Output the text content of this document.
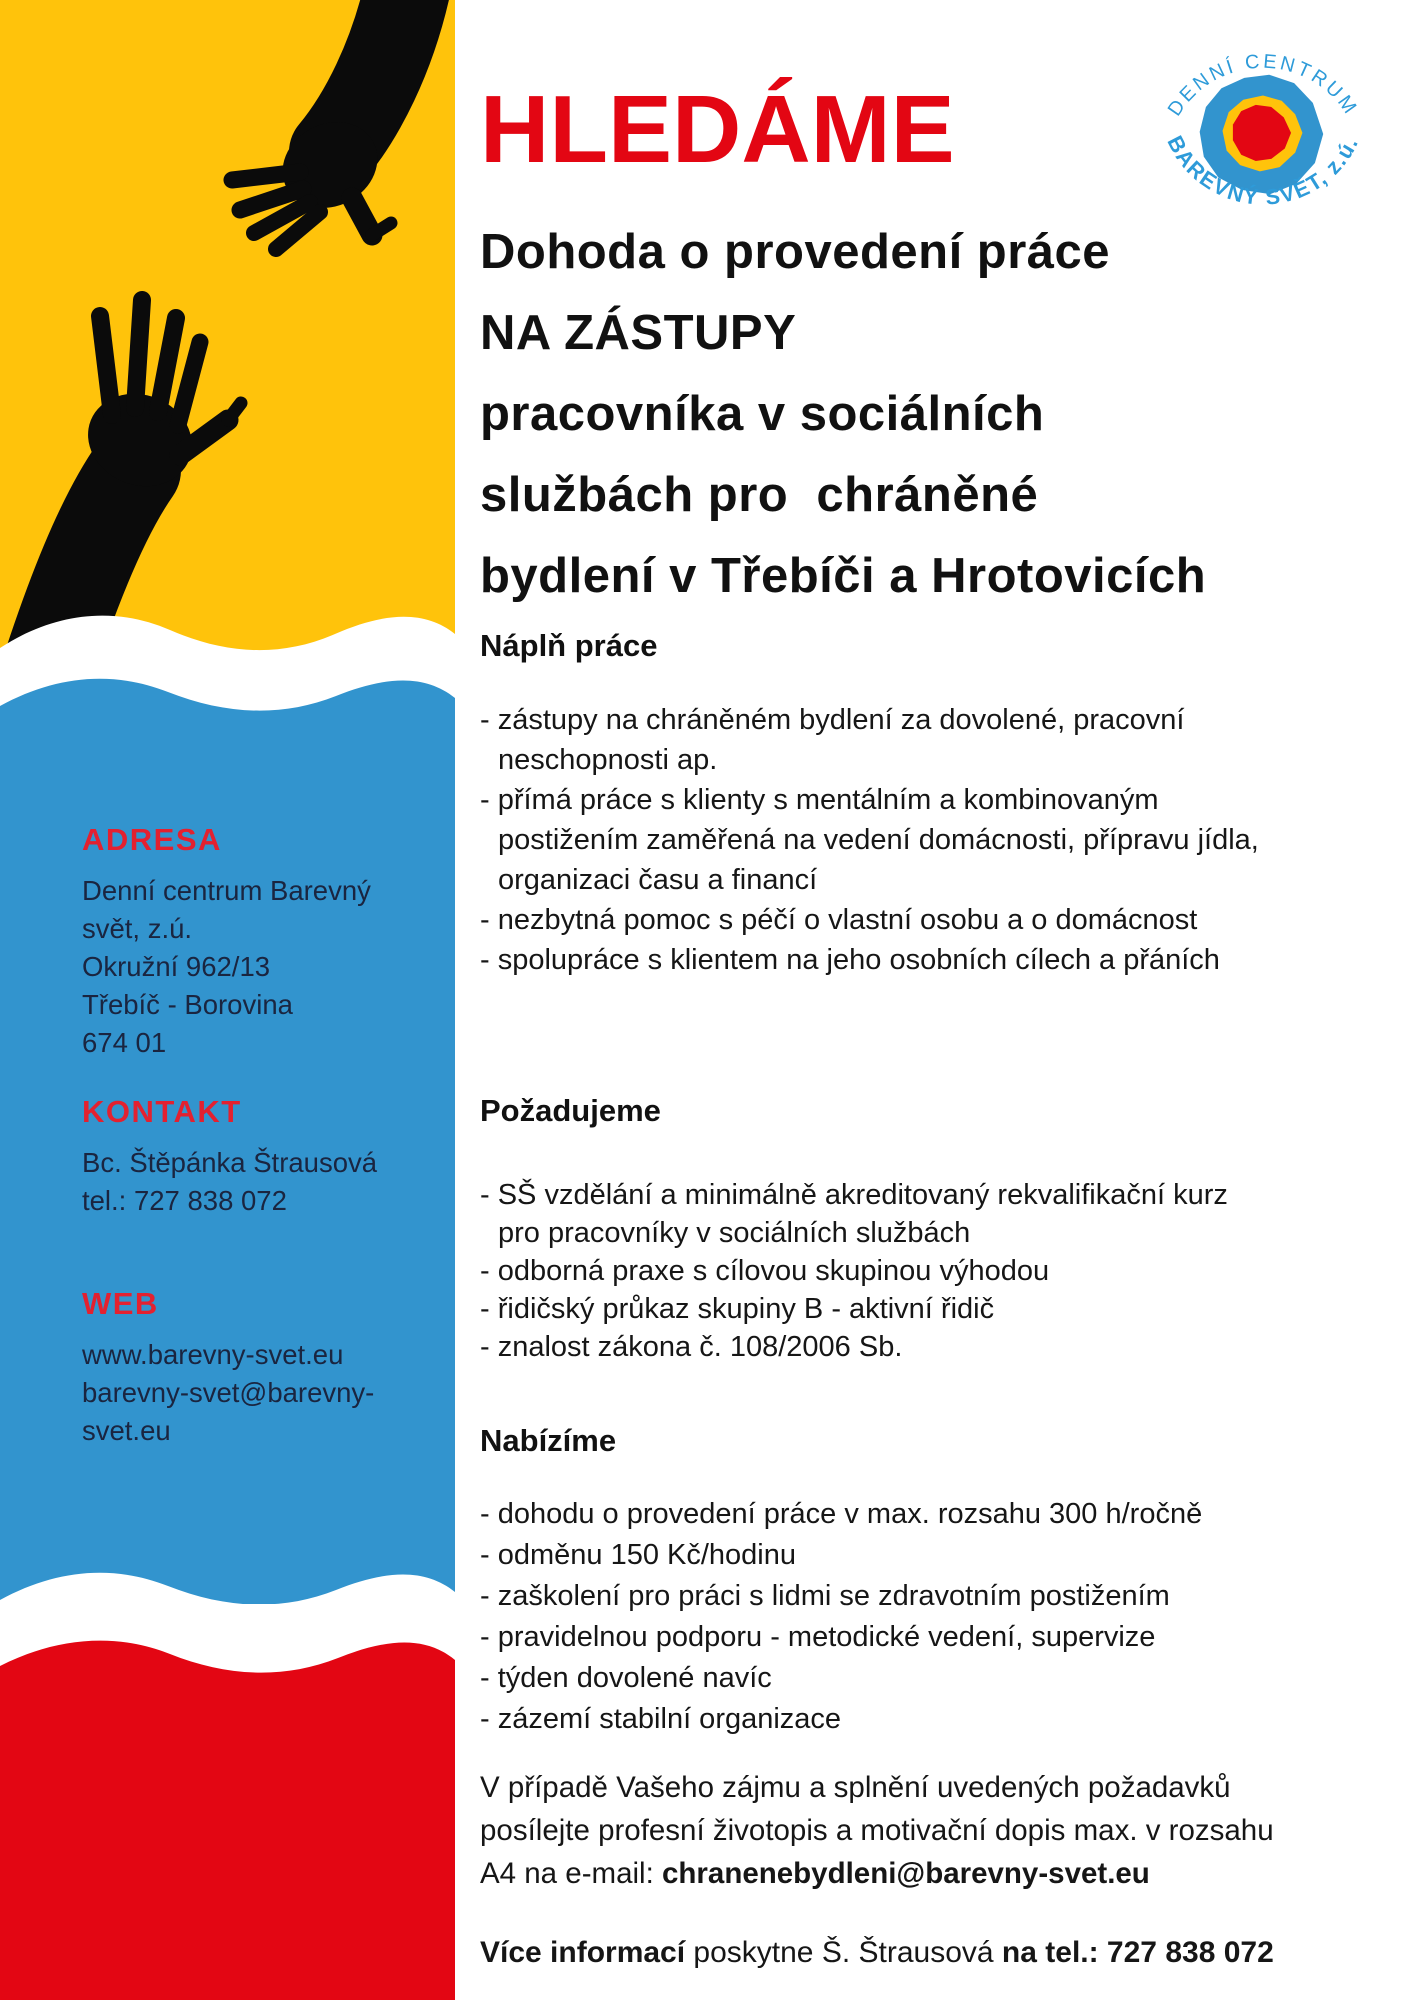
ADRESA
Denní centrum Barevný
svět, z.ú.
Okružní 962/13
Třebíč - Borovina
674 01
KONTAKT
Bc. Štěpánka Štrausová
tel.: 727 838 072
WEB
www.barevny-svet.eu
barevny-svet@barevny-
svet.eu
DENNÍ CENTRUM
BAREVNÝ SVĚT, z.ú.
HLEDÁME
Dohoda o provedení práce
NA ZÁSTUPY
pracovníka v sociálních
službách pro  chráněné
bydlení v Třebíči a Hrotovicích
Náplň práce
- zástupy na chráněném bydlení za dovolené, pracovní
neschopnosti ap.
- přímá práce s klienty s mentálním a kombinovaným
postižením zaměřená na vedení domácnosti, přípravu jídla,
organizaci času a financí
- nezbytná pomoc s péčí o vlastní osobu a o domácnost
- spolupráce s klientem na jeho osobních cílech a přáních
Požadujeme
- SŠ vzdělání a minimálně akreditovaný rekvalifikační kurz
pro pracovníky v sociálních službách
- odborná praxe s cílovou skupinou výhodou
- řidičský průkaz skupiny B - aktivní řidič
- znalost zákona č. 108/2006 Sb.
Nabízíme
- dohodu o provedení práce v max. rozsahu 300 h/ročně
- odměnu 150 Kč/hodinu
- zaškolení pro práci s lidmi se zdravotním postižením
- pravidelnou podporu - metodické vedení, supervize
- týden dovolené navíc
- zázemí stabilní organizace
V případě Vašeho zájmu a splnění uvedených požadavků
posílejte profesní životopis a motivační dopis max. v rozsahu
A4 na e-mail: chranenebydleni@barevny-svet.eu
Více informací poskytne Š. Štrausová na tel.: 727 838 072
